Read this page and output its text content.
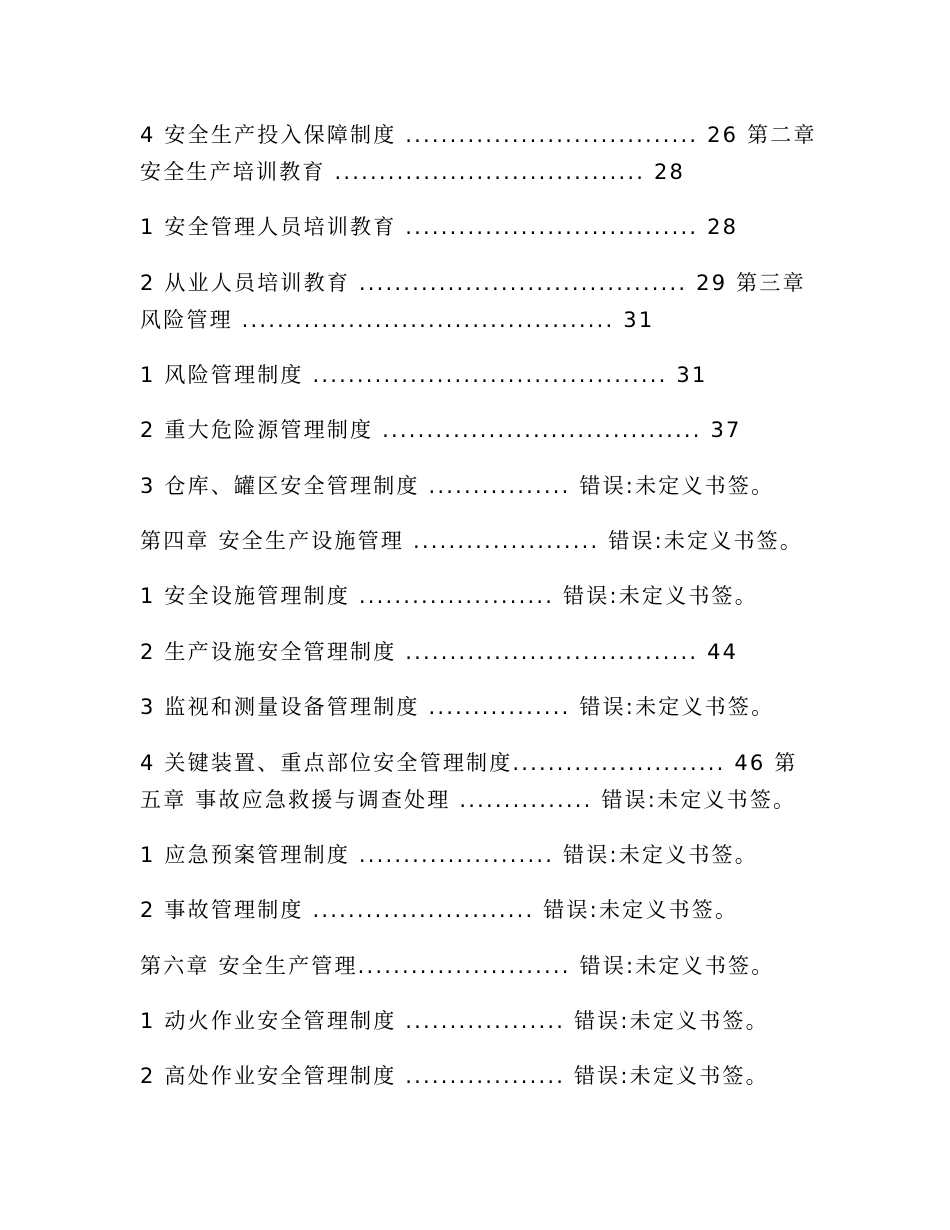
4 安全生产投入保障制度 ................................. 26 第二章
安全生产培训教育 ................................... 28
1 安全管理人员培训教育 ................................. 28
2 从业人员培训教育 ..................................... 29 第三章
风险管理 .......................................... 31
1 风险管理制度 ........................................ 31
2 重大危险源管理制度 .................................... 37
3 仓库、罐区安全管理制度 ................ 错误:未定义书签。
第四章 安全生产设施管理 ..................... 错误:未定义书签。
1 安全设施管理制度 ...................... 错误:未定义书签。
2 生产设施安全管理制度 ................................. 44
3 监视和测量设备管理制度 ................ 错误:未定义书签。
4 关键装置、重点部位安全管理制度........................ 46 第
五章 事故应急救援与调查处理 ............... 错误:未定义书签。
1 应急预案管理制度 ...................... 错误:未定义书签。
2 事故管理制度 ......................... 错误:未定义书签。
第六章 安全生产管理........................ 错误:未定义书签。
1 动火作业安全管理制度 .................. 错误:未定义书签。
2 高处作业安全管理制度 .................. 错误:未定义书签。
